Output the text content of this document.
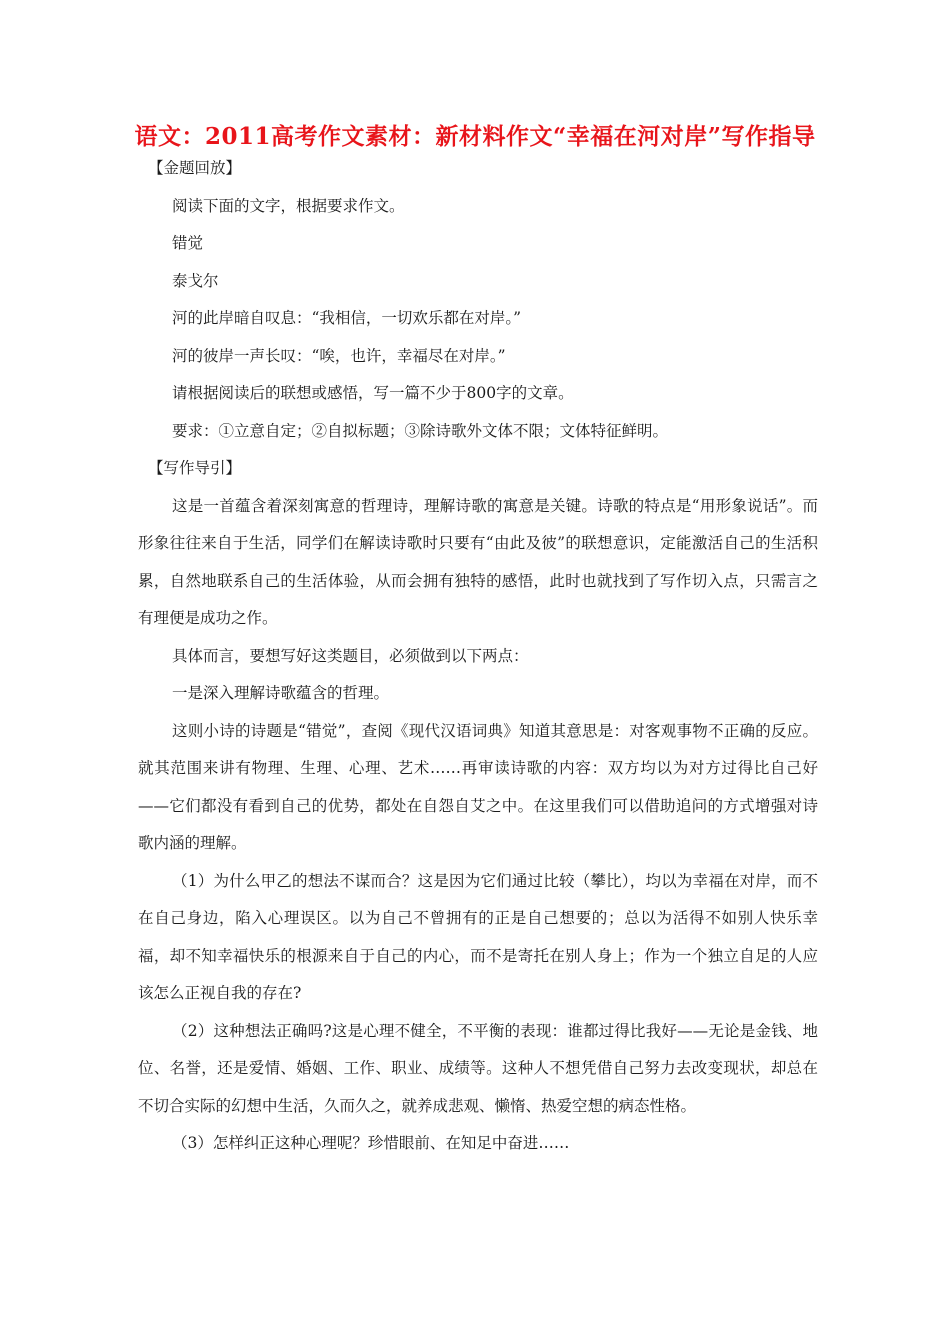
语文：2011高考作文素材：新材料作文“幸福在河对岸”写作指导

【金题回放】

阅读下面的文字，根据要求作文。

错觉

泰戈尔

河的此岸暗自叹息：“我相信，一切欢乐都在对岸。”

河的彼岸一声长叹：“唉，也许，幸福尽在对岸。”

请根据阅读后的联想或感悟，写一篇不少于800字的文章。

要求：①立意自定；②自拟标题；③除诗歌外文体不限；文体特征鲜明。

【写作导引】

这是一首蕴含着深刻寓意的哲理诗，理解诗歌的寓意是关键。诗歌的特点是“用形象说话”。而形象往往来自于生活，同学们在解读诗歌时只要有“由此及彼”的联想意识，定能激活自己的生活积累，自然地联系自己的生活体验，从而会拥有独特的感悟，此时也就找到了写作切入点，只需言之有理便是成功之作。

具体而言，要想写好这类题目，必须做到以下两点：

一是深入理解诗歌蕴含的哲理。

这则小诗的诗题是“错觉”，查阅《现代汉语词典》知道其意思是：对客观事物不正确的反应。就其范围来讲有物理、生理、心理、艺术……再审读诗歌的内容：双方均以为对方过得比自己好——它们都没有看到自己的优势，都处在自怨自艾之中。在这里我们可以借助追问的方式增强对诗歌内涵的理解。

（1）为什么甲乙的想法不谋而合？这是因为它们通过比较（攀比），均以为幸福在对岸，而不在自己身边，陷入心理误区。以为自己不曾拥有的正是自己想要的；总以为活得不如别人快乐幸福，却不知幸福快乐的根源来自于自己的内心，而不是寄托在别人身上；作为一个独立自足的人应该怎么正视自我的存在?

（2）这种想法正确吗?这是心理不健全，不平衡的表现：谁都过得比我好——无论是金钱、地位、名誉，还是爱情、婚姻、工作、职业、成绩等。这种人不想凭借自己努力去改变现状，却总在不切合实际的幻想中生活，久而久之，就养成悲观、懒惰、热爱空想的病态性格。

（3）怎样纠正这种心理呢？珍惜眼前、在知足中奋进……
